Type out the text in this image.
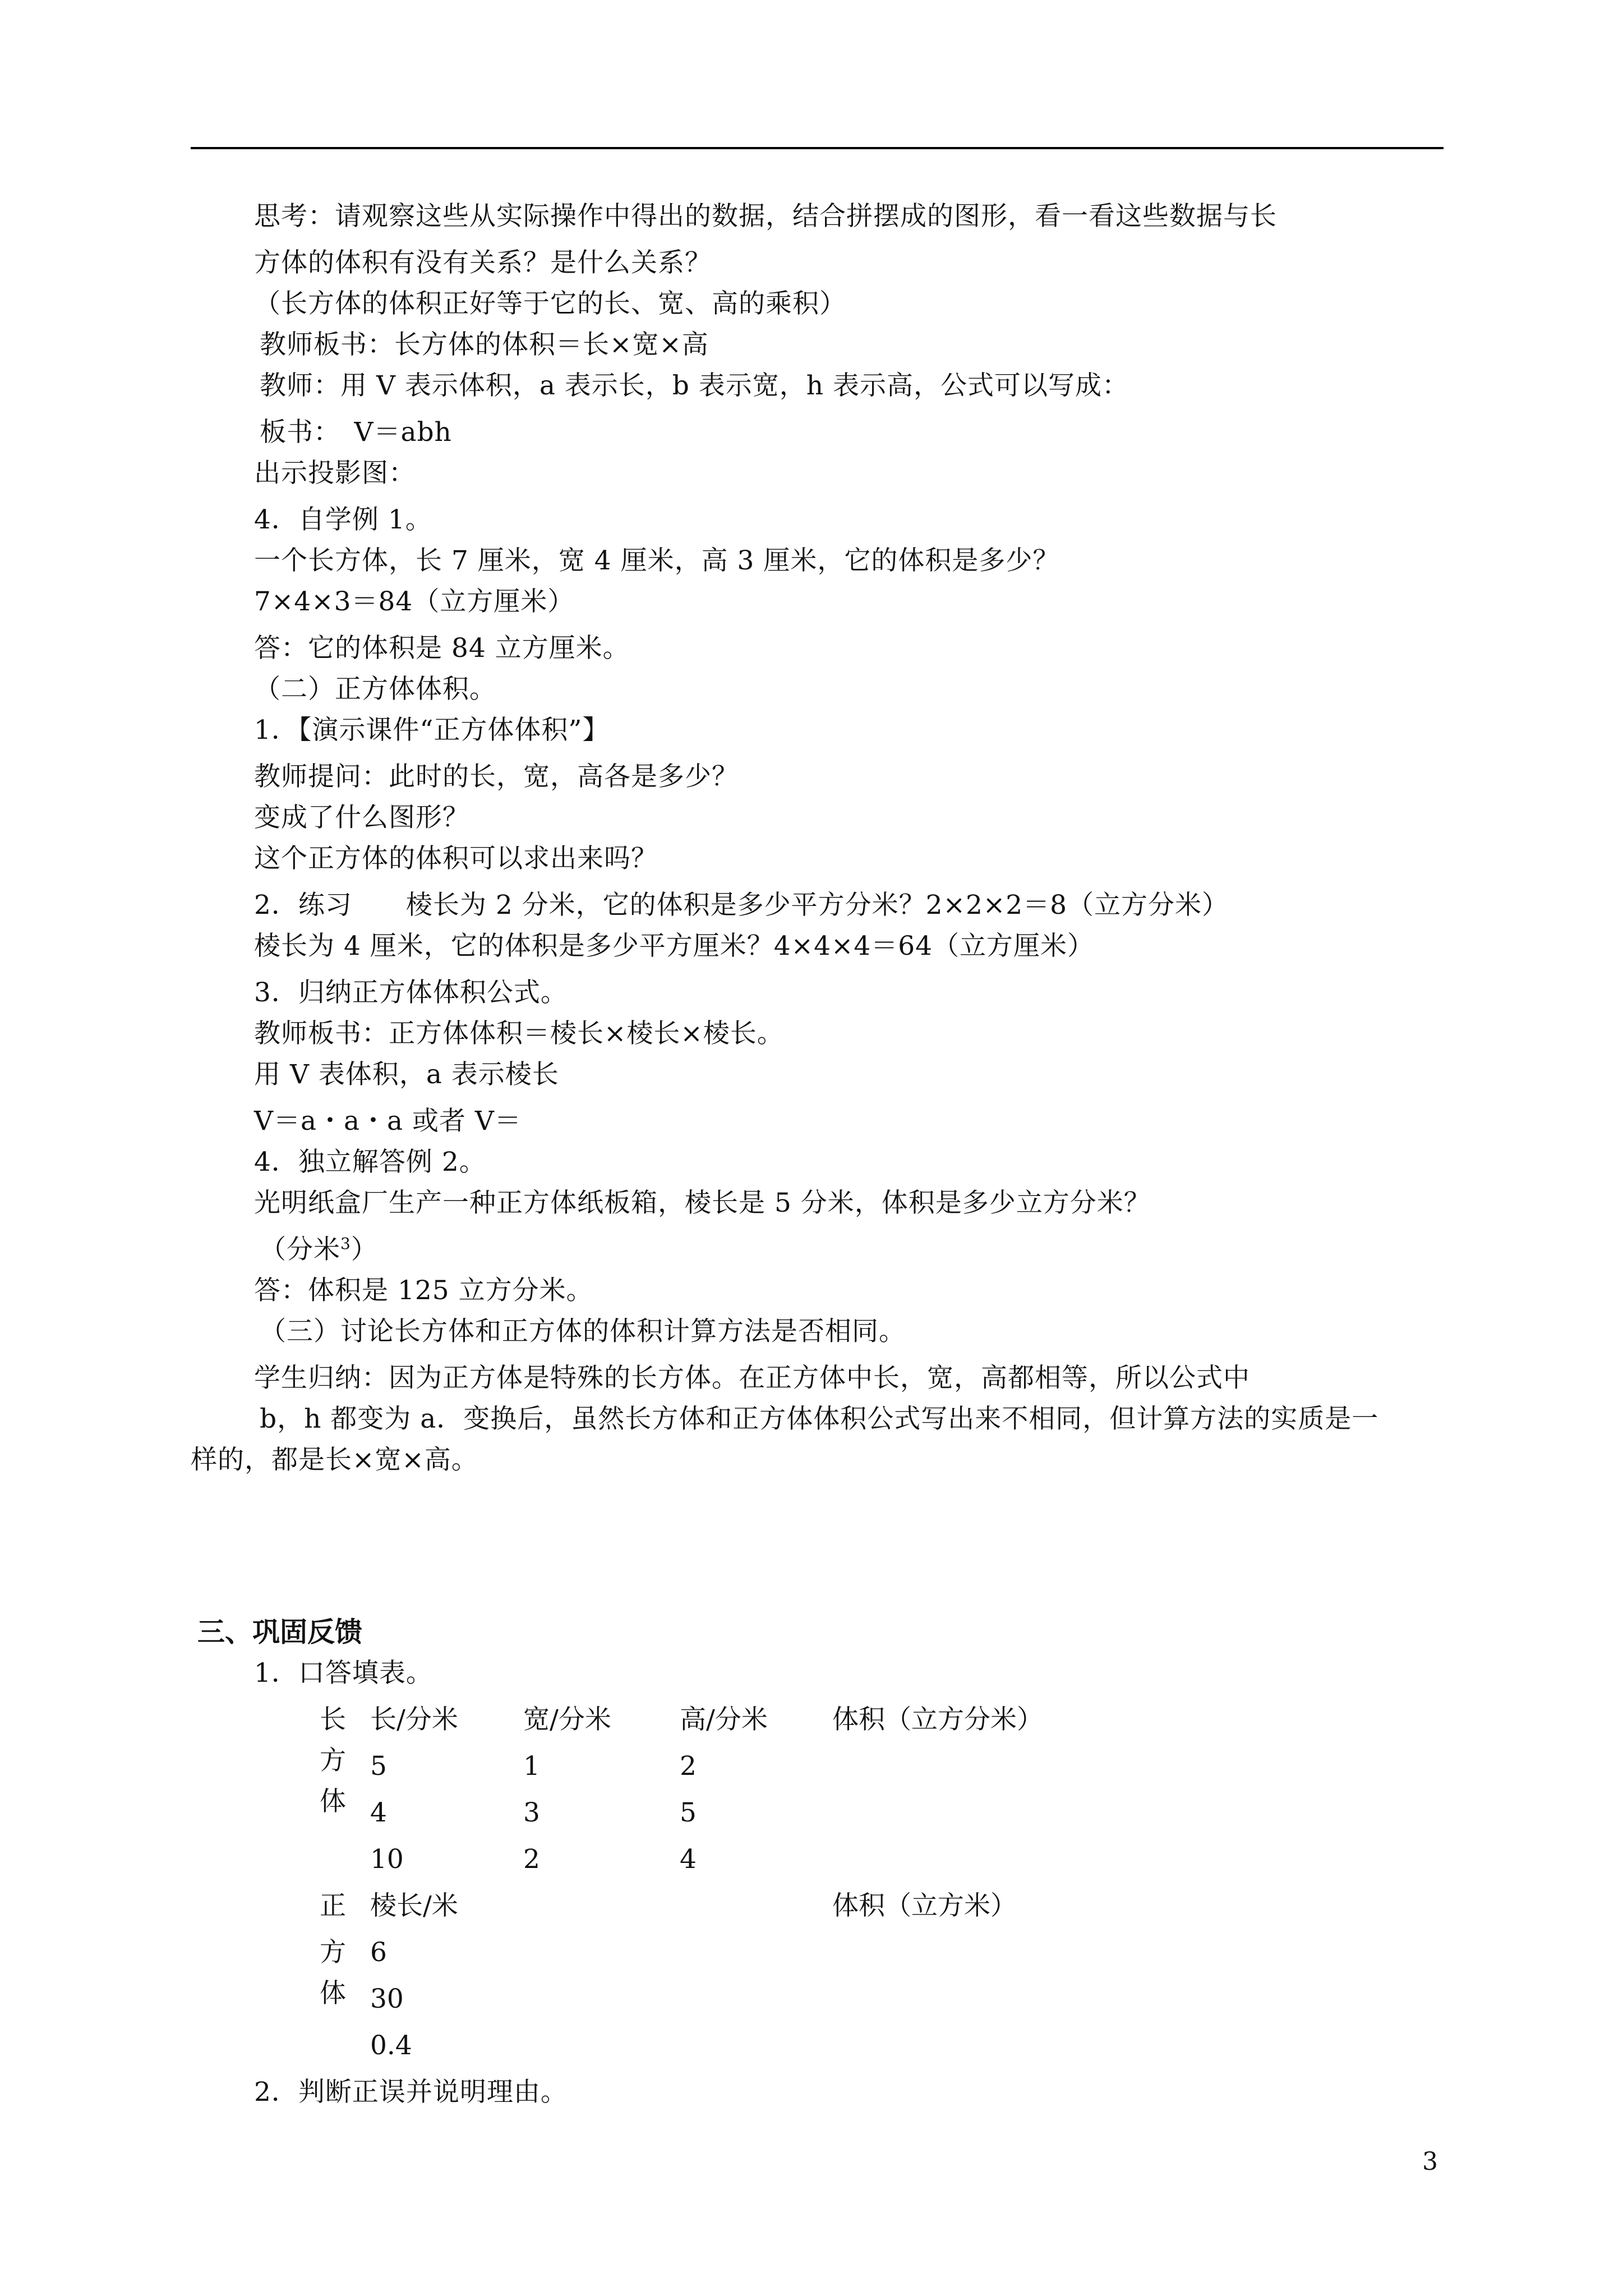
思考：请观察这些从实际操作中得出的数据，结合拼摆成的图形，看一看这些数据与长
方体的体积有没有关系？是什么关系？
（长方体的体积正好等于它的长、宽、高的乘积）
教师板书：长方体的体积＝长×宽×高
教师：用 V 表示体积，a 表示长，b 表示宽，h 表示高，公式可以写成：
板书：　V＝abh
出示投影图：
4．自学例 1。
一个长方体，长 7 厘米，宽 4 厘米，高 3 厘米，它的体积是多少？
7×4×3＝84（立方厘米）
答：它的体积是 84 立方厘米。
（二）正方体体积。
1．【演示课件“正方体体积”】
教师提问：此时的长，宽，高各是多少？
变成了什么图形？
这个正方体的体积可以求出来吗？
2．练习　　棱长为 2 分米，它的体积是多少平方分米？2×2×2＝8（立方分米）
棱长为 4 厘米，它的体积是多少平方厘米？4×4×4＝64（立方厘米）
3．归纳正方体体积公式。
教师板书：正方体体积＝棱长×棱长×棱长。
用 V 表体积，a 表示棱长
V＝a・a・a 或者 V＝
4．独立解答例 2。
光明纸盒厂生产一种正方体纸板箱，棱长是 5 分米，体积是多少立方分米？
（分米$^3$）
答：体积是 125 立方分米。
（三）讨论长方体和正方体的体积计算方法是否相同。
学生归纳：因为正方体是特殊的长方体。在正方体中长，宽，高都相等，所以公式中
b，h 都变为 a．变换后，虽然长方体和正方体体积公式写出来不相同，但计算方法的实质是一
样的，都是长×宽×高。
三、巩固反馈
1．口答填表。
长
方
体
长/分米 宽/分米	高/分米 体积（立方分米）
5	1	2
4	3	5
10	2	4
正
方
体
棱长/米	体积（立方米）
6
30
0.4
2．判断正误并说明理由。
3
